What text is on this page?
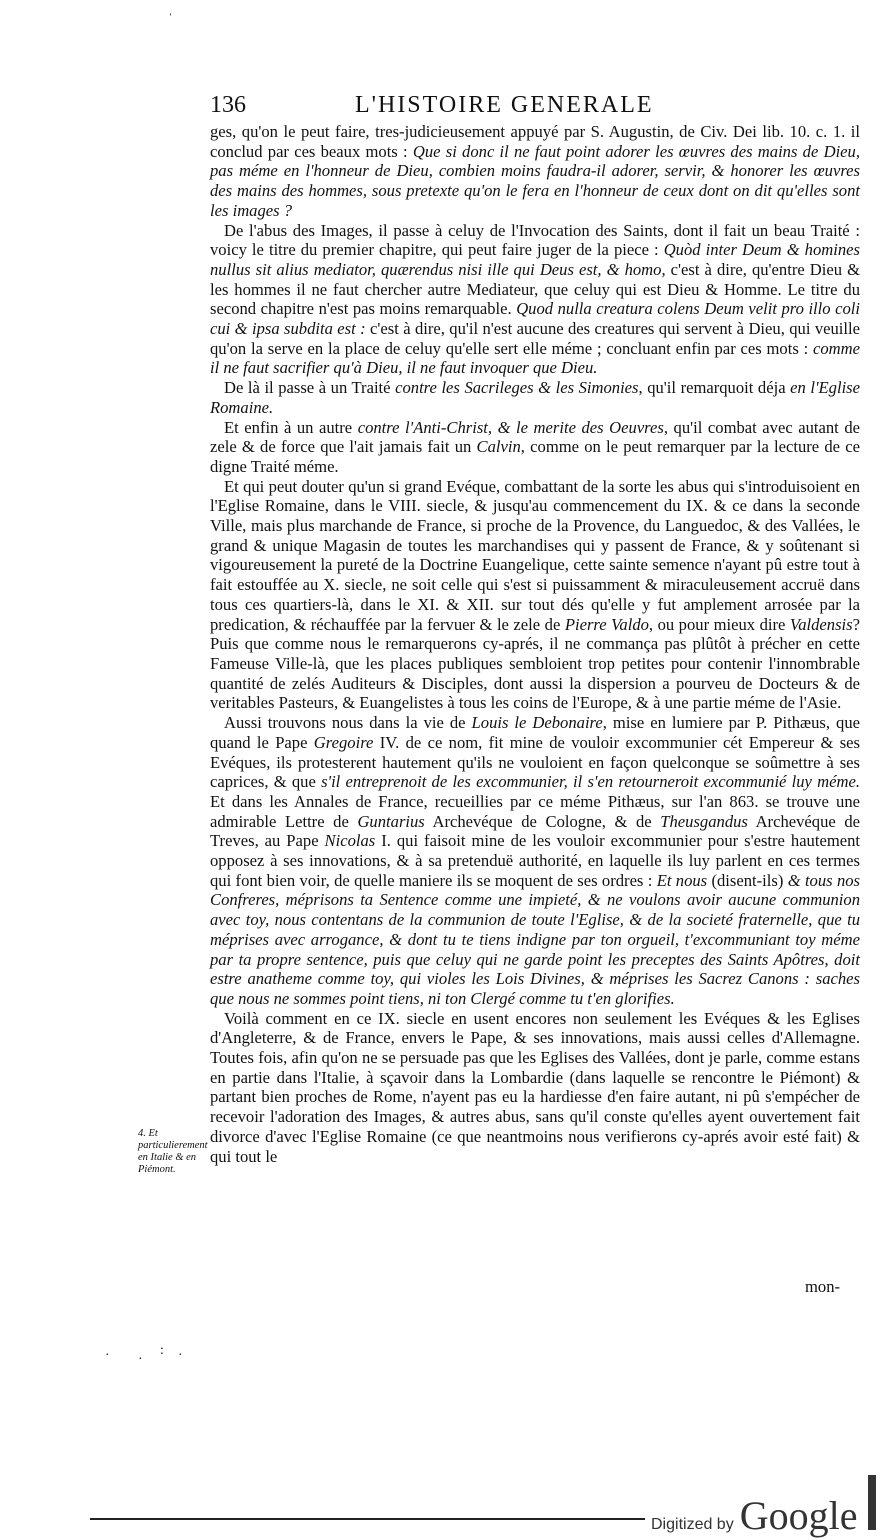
136	L'HISTOIRE GENERALE

ges, qu'on le peut faire, tres-judicieusement appuyé par S. Augustin, de Civ. Dei lib. 10. c. 1. il conclud par ces beaux mots : Que si donc il ne faut point adorer les œuvres des mains de Dieu, pas méme en l'honneur de Dieu, combien moins faudra-il adorer, servir, & honorer les œuvres des mains des hommes, sous pretexte qu'on le fera en l'honneur de ceux dont on dit qu'elles sont les images ?

De l'abus des Images, il passe à celuy de l'Invocation des Saints, dont il fait un beau Traité : voicy le titre du premier chapitre, qui peut faire juger de la piece : Quòd inter Deum & homines nullus sit alius mediator, quærendus nisi ille qui Deus est, & homo, c'est à dire, qu'entre Dieu & les hommes il ne faut chercher autre Mediateur, que celuy qui est Dieu & Homme. Le titre du second chapitre n'est pas moins remarquable. Quod nulla creatura colens Deum velit pro illo coli cui & ipsa subdita est : c'est à dire, qu'il n'est aucune des creatures qui servent à Dieu, qui veuille qu'on la serve en la place de celuy qu'elle sert elle méme ; concluant enfin par ces mots : comme il ne faut sacrifier qu'à Dieu, il ne faut invoquer que Dieu.

De là il passe à un Traité contre les Sacrileges & les Simonies, qu'il remarquoit déja en l'Eglise Romaine.

Et enfin à un autre contre l'Anti-Christ, & le merite des Oeuvres, qu'il combat avec autant de zele & de force que l'ait jamais fait un Calvin, comme on le peut remarquer par la lecture de ce digne Traité méme.

Et qui peut douter qu'un si grand Evéque, combattant de la sorte les abus qui s'introduisoient en l'Eglise Romaine, dans le VIII. siecle, & jusqu'au commencement du IX. & ce dans la seconde Ville, mais plus marchande de France, si proche de la Provence, du Languedoc, & des Vallées, le grand & unique Magasin de toutes les marchandises qui y passent de France, & y soûtenant si vigoureusement la pureté de la Doctrine Euangelique, cette sainte semence n'ayant pû estre tout à fait estouffée au X. siecle, ne soit celle qui s'est si puissamment & miraculeusement accruë dans tous ces quartiers-là, dans le XI. & XII. sur tout dés qu'elle y fut amplement arrosée par la predication, & réchauffée par la fervuer & le zele de Pierre Valdo, ou pour mieux dire Valdensis? Puis que comme nous le remarquerons cy-aprés, il ne commança pas plûtôt à précher en cette Fameuse Ville-là, que les places publiques sembloient trop petites pour contenir l'innombrable quantité de zelés Auditeurs & Disciples, dont aussi la dispersion a pourveu de Docteurs & de veritables Pasteurs, & Euangelistes à tous les coins de l'Europe, & à une partie méme de l'Asie.

Aussi trouvons nous dans la vie de Louis le Debonaire, mise en lumiere par P. Pithæus, que quand le Pape Gregoire IV. de ce nom, fit mine de vouloir excommunier cét Empereur & ses Evéques, ils protesterent hautement qu'ils ne vouloient en façon quelconque se soûmettre à ses caprices, & que s'il entreprenoit de les excommunier, il s'en retourneroit excommunié luy méme. Et dans les Annales de France, recueillies par ce méme Pithæus, sur l'an 863. se trouve une admirable Lettre de Guntarius Archevéque de Cologne, & de Theusgandus Archevéque de Treves, au Pape Nicolas I. qui faisoit mine de les vouloir excommunier pour s'estre hautement opposez à ses innovations, & à sa pretenduë authorité, en laquelle ils luy parlent en ces termes qui font bien voir, de quelle maniere ils se moquent de ses ordres : Et nous (disent-ils) & tous nos Confreres, méprisons ta Sentence comme une impieté, & ne voulons avoir aucune communion avec toy, nous contentans de la communion de toute l'Eglise, & de la societé fraternelle, que tu méprises avec arrogance, & dont tu te tiens indigne par ton orgueil, t'excommuniant toy méme par ta propre sentence, puis que celuy qui ne garde point les preceptes des Saints Apôtres, doit estre anatheme comme toy, qui violes les Lois Divines, & méprises les Sacrez Canons : saches que nous ne sommes point tiens, ni ton Clergé comme tu t'en glorifies.

Voilà comment en ce IX. siecle en usent encores non seulement les Evéques & les Eglises d'Angleterre, & de France, envers le Pape, & ses innovations, mais aussi celles d'Allemagne. Toutes fois, afin qu'on ne se persuade pas que les Eglises des Vallées, dont je parle, comme estans en partie dans l'Italie, à sçavoir dans la Lombardie (dans laquelle se rencontre le Piémont) & partant bien proches de Rome, n'ayent pas eu la hardiesse d'en faire autant, ni pû s'empécher de recevoir l'adoration des Images, & autres abus, sans qu'il conste qu'elles ayent ouvertement fait divorce d'avec l'Eglise Romaine (ce que neantmoins nous verifierons cy-aprés avoir esté fait) & qui tout le

4. Et particulierement en Italie & en Piémont.
mon-
· ·
: ·
ˈ
Digitized by Google
